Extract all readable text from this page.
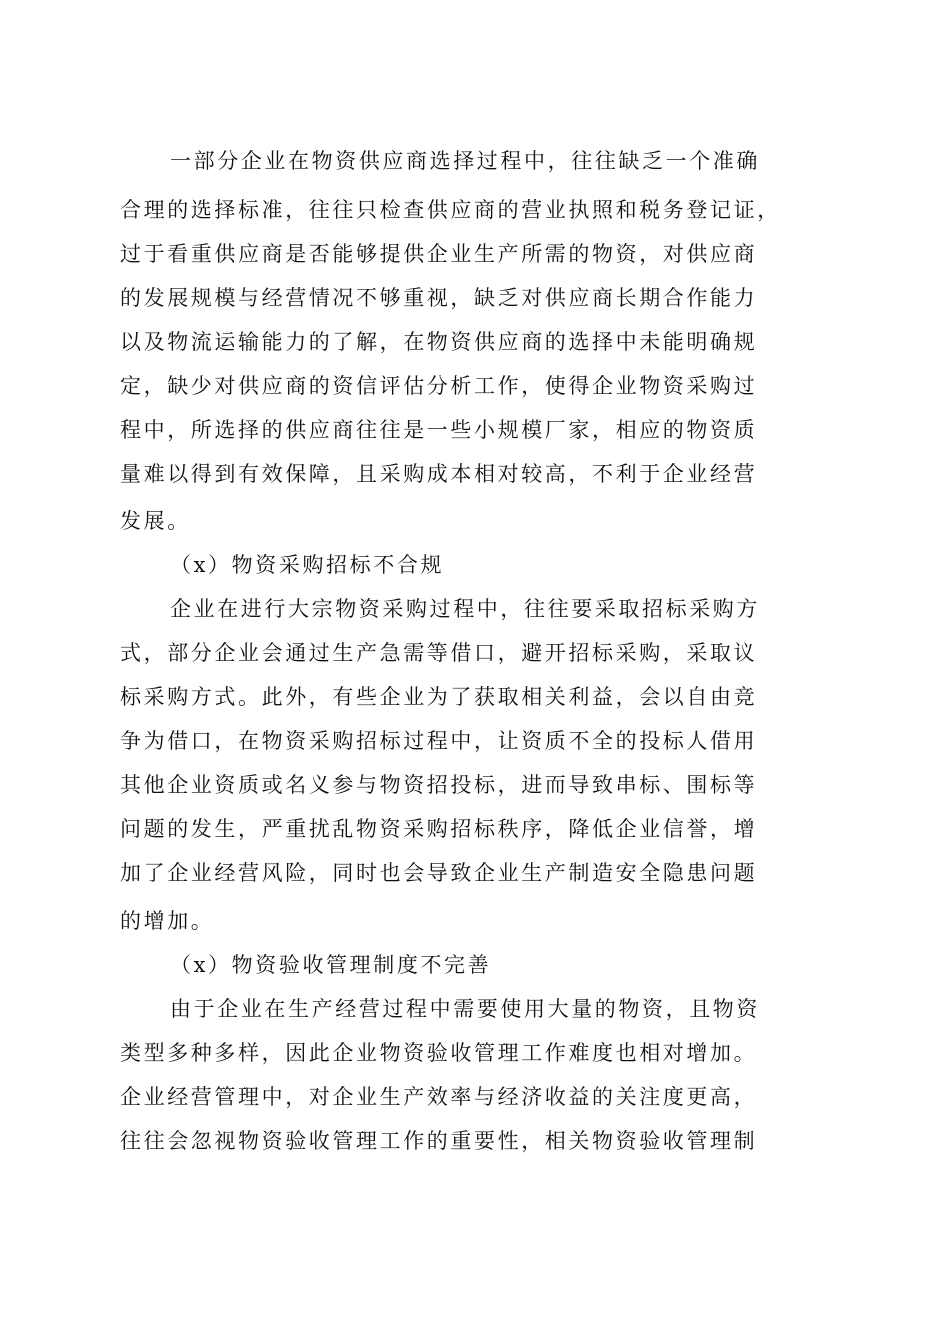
一部分企业在物资供应商选择过程中，往往缺乏一个准确
合理的选择标准，往往只检查供应商的营业执照和税务登记证，
过于看重供应商是否能够提供企业生产所需的物资，对供应商
的发展规模与经营情况不够重视，缺乏对供应商长期合作能力
以及物流运输能力的了解，在物资供应商的选择中未能明确规
定，缺少对供应商的资信评估分析工作，使得企业物资采购过
程中，所选择的供应商往往是一些小规模厂家，相应的物资质
量难以得到有效保障，且采购成本相对较高，不利于企业经营
发展。
（x）物资采购招标不合规
企业在进行大宗物资采购过程中，往往要采取招标采购方
式，部分企业会通过生产急需等借口，避开招标采购，采取议
标采购方式。此外，有些企业为了获取相关利益，会以自由竞
争为借口，在物资采购招标过程中，让资质不全的投标人借用
其他企业资质或名义参与物资招投标，进而导致串标、围标等
问题的发生，严重扰乱物资采购招标秩序，降低企业信誉，增
加了企业经营风险，同时也会导致企业生产制造安全隐患问题
的增加。
（x）物资验收管理制度不完善
由于企业在生产经营过程中需要使用大量的物资，且物资
类型多种多样，因此企业物资验收管理工作难度也相对增加。
企业经营管理中，对企业生产效率与经济收益的关注度更高，
往往会忽视物资验收管理工作的重要性，相关物资验收管理制
